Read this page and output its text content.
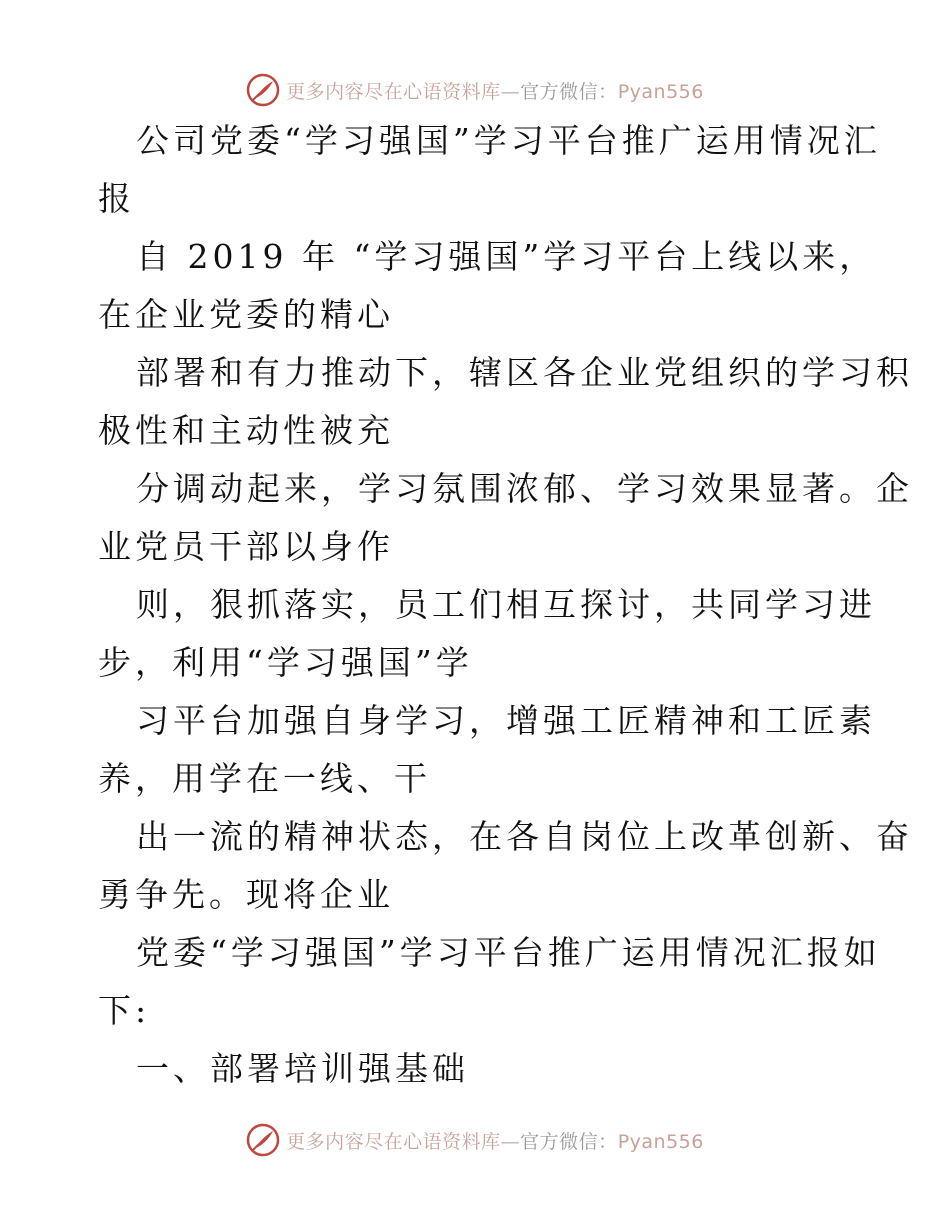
更多内容尽在心语资料库—官方微信：Pyan556
公司党委“学习强国”学习平台推广运用情况汇
报
自 2019 年 “学习强国”学习平台上线以来，
在企业党委的精心
部署和有力推动下，辖区各企业党组织的学习积
极性和主动性被充
分调动起来，学习氛围浓郁、学习效果显著。企
业党员干部以身作
则，狠抓落实，员工们相互探讨，共同学习进
步，利用“学习强国”学
习平台加强自身学习，增强工匠精神和工匠素
养，用学在一线、干
出一流的精神状态，在各自岗位上改革创新、奋
勇争先。现将企业
党委“学习强国”学习平台推广运用情况汇报如
下:
一、部署培训强基础
更多内容尽在心语资料库—官方微信：Pyan556
